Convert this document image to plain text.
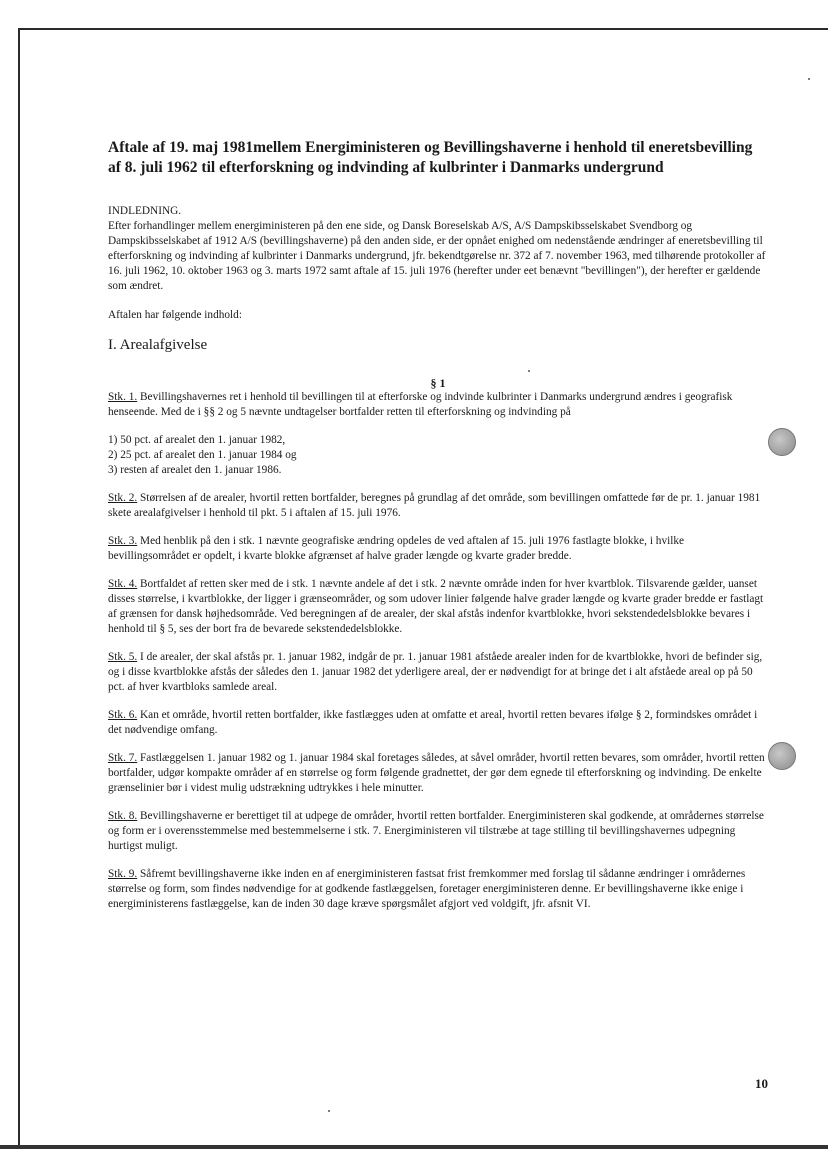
Aftale af 19. maj 1981mellem Energiministeren og Bevillingshaverne i henhold til eneretsbevilling af 8. juli 1962 til efterforskning og indvinding af kulbrinter i Danmarks undergrund

INDLEDNING.

Efter forhandlinger mellem energiministeren på den ene side, og Dansk Boreselskab A/S, A/S Dampskibsselskabet Svendborg og Dampskibsselskabet af 1912 A/S (bevillingshaverne) på den anden side, er der opnået enighed om nedenstående ændringer af eneretsbevilling til efterforskning og indvinding af kulbrinter i Danmarks undergrund, jfr. bekendtgørelse nr. 372 af 7. november 1963, med tilhørende protokoller af 16. juli 1962, 10. oktober 1963 og 3. marts 1972 samt aftale af 15. juli 1976 (herefter under eet benævnt "bevillingen"), der herefter er gældende som ændret.

Aftalen har følgende indhold:

I. Arealafgivelse

§ 1

Stk. 1. Bevillingshavernes ret i henhold til bevillingen til at efterforske og indvinde kulbrinter i Danmarks undergrund ændres i geografisk henseende. Med de i §§ 2 og 5 nævnte undtagelser bortfalder retten til efterforskning og indvinding på
1) 50 pct. af arealet den 1. januar 1982,
2) 25 pct. af arealet den 1. januar 1984 og
3) resten af arealet den 1. januar 1986.
Stk. 2. Størrelsen af de arealer, hvortil retten bortfalder, beregnes på grundlag af det område, som bevillingen omfattede før de pr. 1. januar 1981 skete arealafgivelser i henhold til pkt. 5 i aftalen af 15. juli 1976.
Stk. 3. Med henblik på den i stk. 1 nævnte geografiske ændring opdeles de ved aftalen af 15. juli 1976 fastlagte blokke, i hvilke bevillingsområdet er opdelt, i kvarte blokke afgrænset af halve grader længde og kvarte grader bredde.
Stk. 4. Bortfaldet af retten sker med de i stk. 1 nævnte andele af det i stk. 2 nævnte område inden for hver kvartblok. Tilsvarende gælder, uanset disses størrelse, i kvartblokke, der ligger i grænseområder, og som udover linier følgende halve grader længde og kvarte grader bredde er fastlagt af grænsen for dansk højhedsområde. Ved beregningen af de arealer, der skal afstås indenfor kvartblokke, hvori sekstendedelsblokke bevares i henhold til § 5, ses der bort fra de bevarede sekstendedelsblokke.
Stk. 5. I de arealer, der skal afstås pr. 1. januar 1982, indgår de pr. 1. januar 1981 afståede arealer inden for de kvartblokke, hvori de befinder sig, og i disse kvartblokke afstås der således den 1. januar 1982 det yderligere areal, der er nødvendigt for at bringe det i alt afståede areal op på 50 pct. af hver kvartbloks samlede areal.
Stk. 6. Kan et område, hvortil retten bortfalder, ikke fastlægges uden at omfatte et areal, hvortil retten bevares ifølge § 2, formindskes området i det nødvendige omfang.
Stk. 7. Fastlæggelsen 1. januar 1982 og 1. januar 1984 skal foretages således, at såvel områder, hvortil retten bevares, som områder, hvortil retten bortfalder, udgør kompakte områder af en størrelse og form følgende gradnettet, der gør dem egnede til efterforskning og indvinding. De enkelte grænselinier bør i videst mulig udstrækning udtrykkes i hele minutter.
Stk. 8. Bevillingshaverne er berettiget til at udpege de områder, hvortil retten bortfalder. Energiministeren skal godkende, at områdernes størrelse og form er i overensstemmelse med bestemmelserne i stk. 7. Energiministeren vil tilstræbe at tage stilling til bevillingshavernes udpegning hurtigst muligt.
Stk. 9. Såfremt bevillingshaverne ikke inden en af energiministeren fastsat frist fremkommer med forslag til sådanne ændringer i områdernes størrelse og form, som findes nødvendige for at godkende fastlæggelsen, foretager energiministeren denne. Er bevillingshaverne ikke enige i energiministerens fastlæggelse, kan de inden 30 dage kræve spørgsmålet afgjort ved voldgift, jfr. afsnit VI.
10
